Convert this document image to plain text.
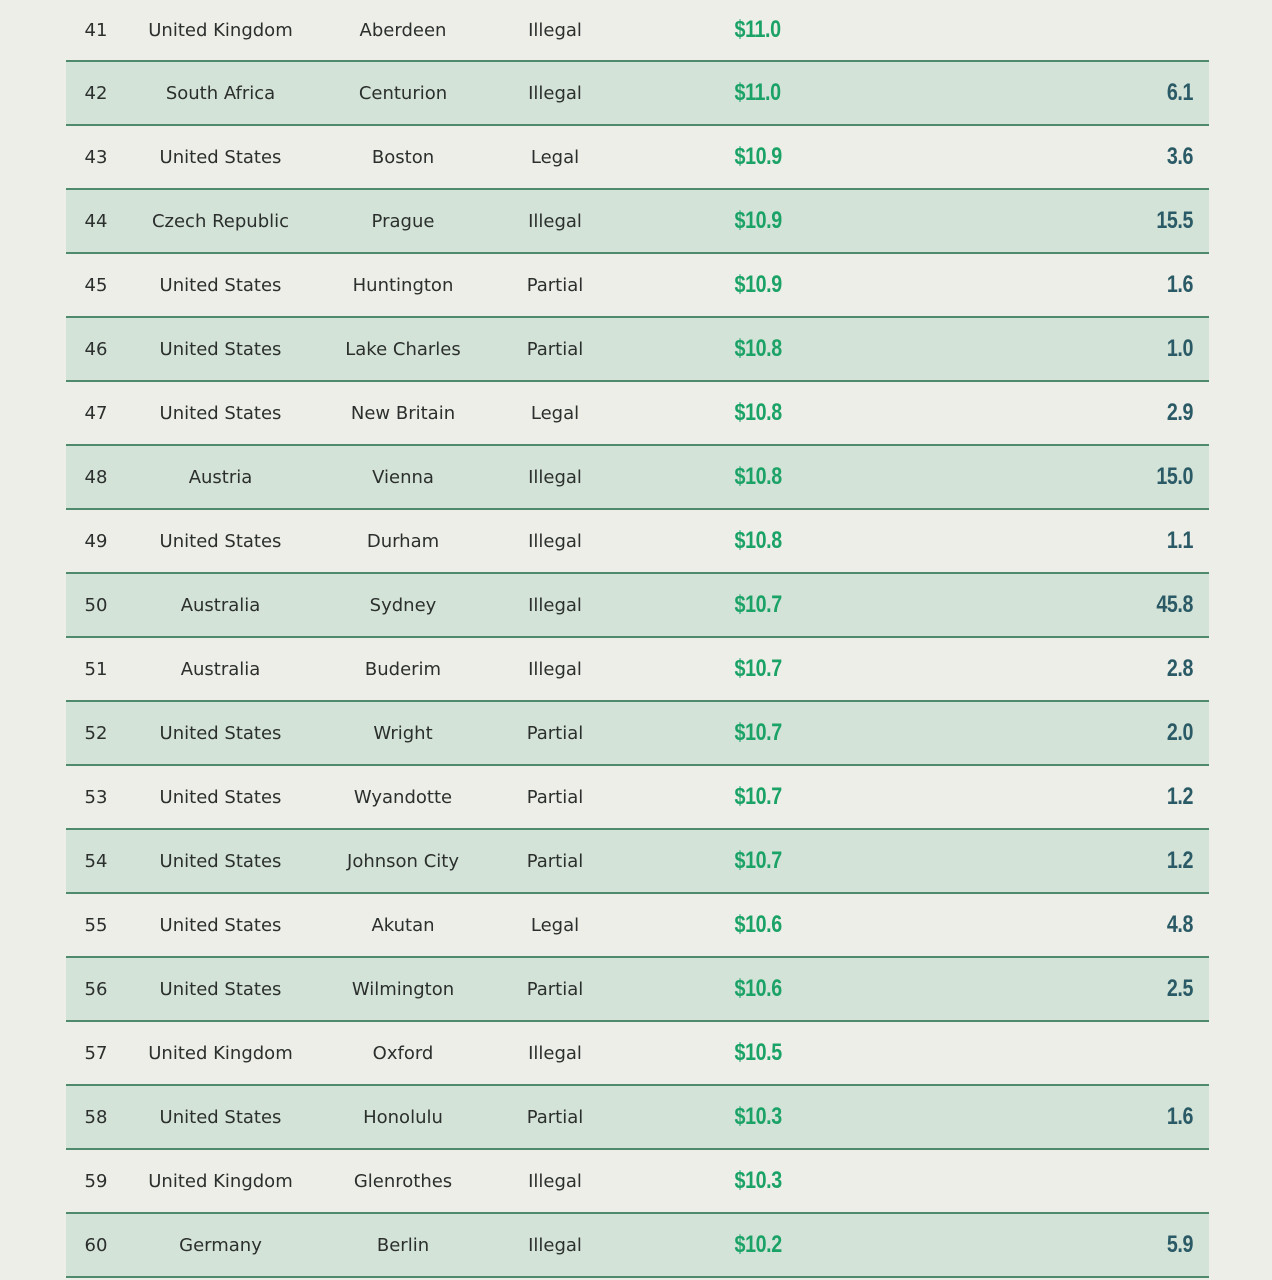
41	United Kingdom	Aberdeen	Illegal	$11.0
42	South Africa	Centurion	Illegal	$11.0	6.1
43	United States	Boston	Legal	$10.9	3.6
44	Czech Republic	Prague	Illegal	$10.9	15.5
45	United States	Huntington	Partial	$10.9	1.6
46	United States	Lake Charles	Partial	$10.8	1.0
47	United States	New Britain	Legal	$10.8	2.9
48	Austria	Vienna	Illegal	$10.8	15.0
49	United States	Durham	Illegal	$10.8	1.1
50	Australia	Sydney	Illegal	$10.7	45.8
51	Australia	Buderim	Illegal	$10.7	2.8
52	United States	Wright	Partial	$10.7	2.0
53	United States	Wyandotte	Partial	$10.7	1.2
54	United States	Johnson City	Partial	$10.7	1.2
55	United States	Akutan	Legal	$10.6	4.8
56	United States	Wilmington	Partial	$10.6	2.5
57	United Kingdom	Oxford	Illegal	$10.5
58	United States	Honolulu	Partial	$10.3	1.6
59	United Kingdom	Glenrothes	Illegal	$10.3
60	Germany	Berlin	Illegal	$10.2	5.9
